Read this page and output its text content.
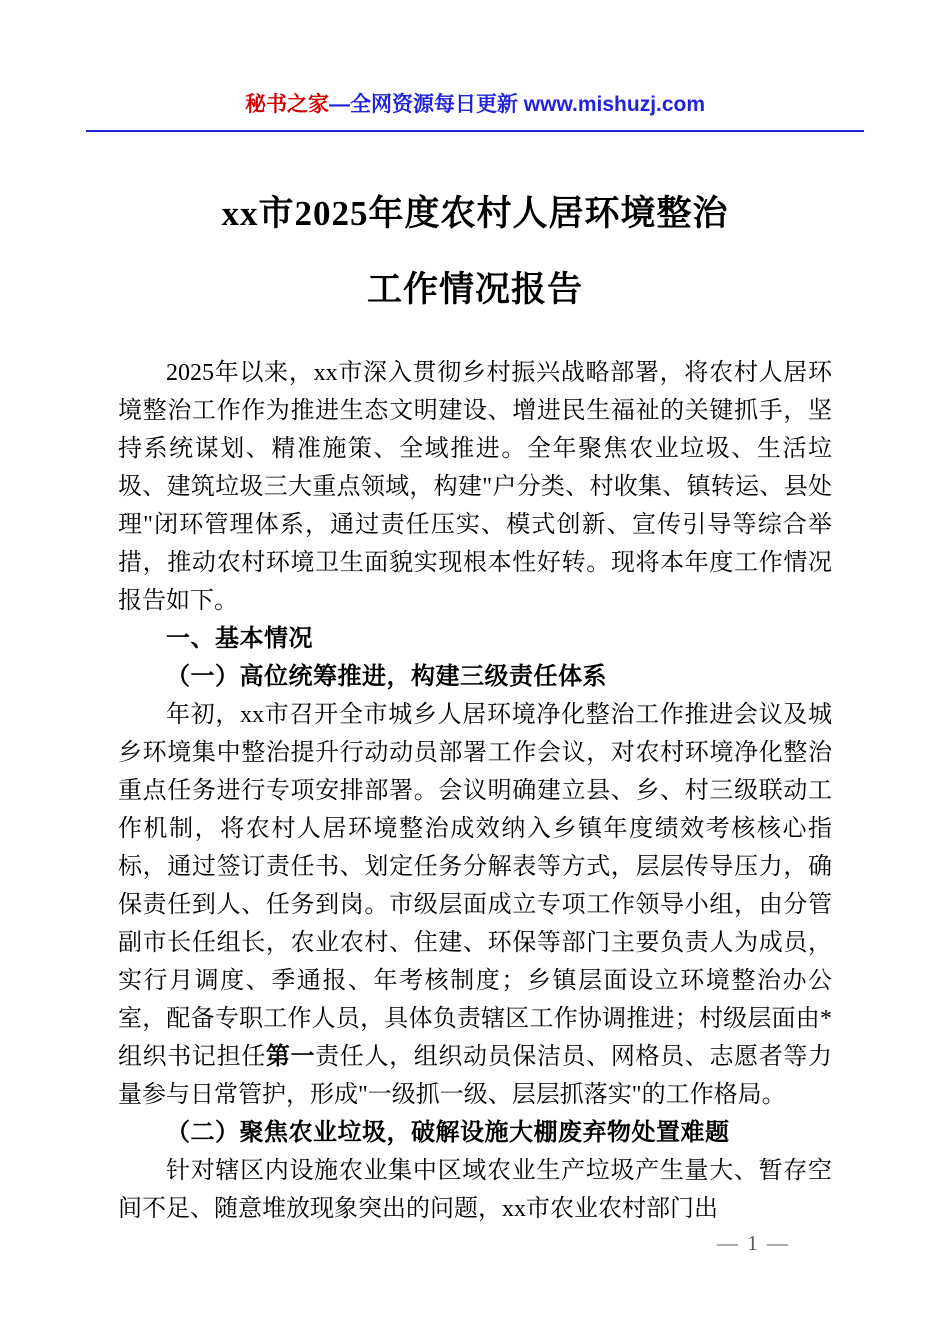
秘书之家—全网资源每日更新 www.mishuzj.com
xx市2025年度农村人居环境整治
工作情况报告

2025年以来，xx市深入贯彻乡村振兴战略部署，将农村人居环境整治工作作为推进生态文明建设、增进民生福祉的关键抓手，坚持系统谋划、精准施策、全域推进。全年聚焦农业垃圾、生活垃圾、建筑垃圾三大重点领域，构建"户分类、村收集、镇转运、县处理"闭环管理体系，通过责任压实、模式创新、宣传引导等综合举措，推动农村环境卫生面貌实现根本性好转。现将本年度工作情况报告如下。

一、基本情况

（一）高位统筹推进，构建三级责任体系

年初，xx市召开全市城乡人居环境净化整治工作推进会议及城乡环境集中整治提升行动动员部署工作会议，对农村环境净化整治重点任务进行专项安排部署。会议明确建立县、乡、村三级联动工作机制，将农村人居环境整治成效纳入乡镇年度绩效考核核心指标，通过签订责任书、划定任务分解表等方式，层层传导压力，确保责任到人、任务到岗。市级层面成立专项工作领导小组，由分管副市长任组长，农业农村、住建、环保等部门主要负责人为成员，实行月调度、季通报、年考核制度；乡镇层面设立环境整治办公室，配备专职工作人员，具体负责辖区工作协调推进；村级层面由*组织书记担任第一责任人，组织动员保洁员、网格员、志愿者等力量参与日常管护，形成"一级抓一级、层层抓落实"的工作格局。

（二）聚焦农业垃圾，破解设施大棚废弃物处置难题

针对辖区内设施农业集中区域农业生产垃圾产生量大、暂存空间不足、随意堆放现象突出的问题，xx市农业农村部门出

— 1 —
